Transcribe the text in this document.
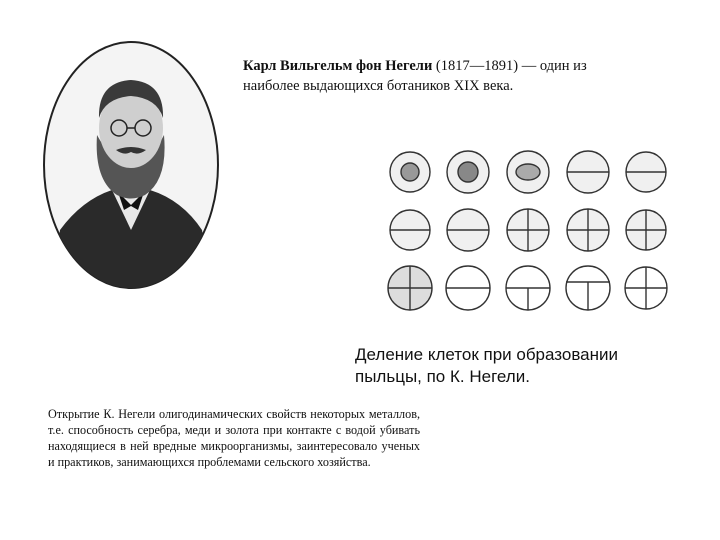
Карл Вильгельм фон Негели (1817—1891) — один из наиболее выдающихся ботаников XIX века.
Деление клеток при образовании пыльцы, по К. Негели.
Открытие К. Негели олигодинамических свойств некоторых металлов, т.е. способность серебра, меди и золота при контакте с водой убивать находящиеся в ней вредные микроорганизмы, заинтересовало ученых и практиков, занимающихся проблемами сельского хозяйства.
